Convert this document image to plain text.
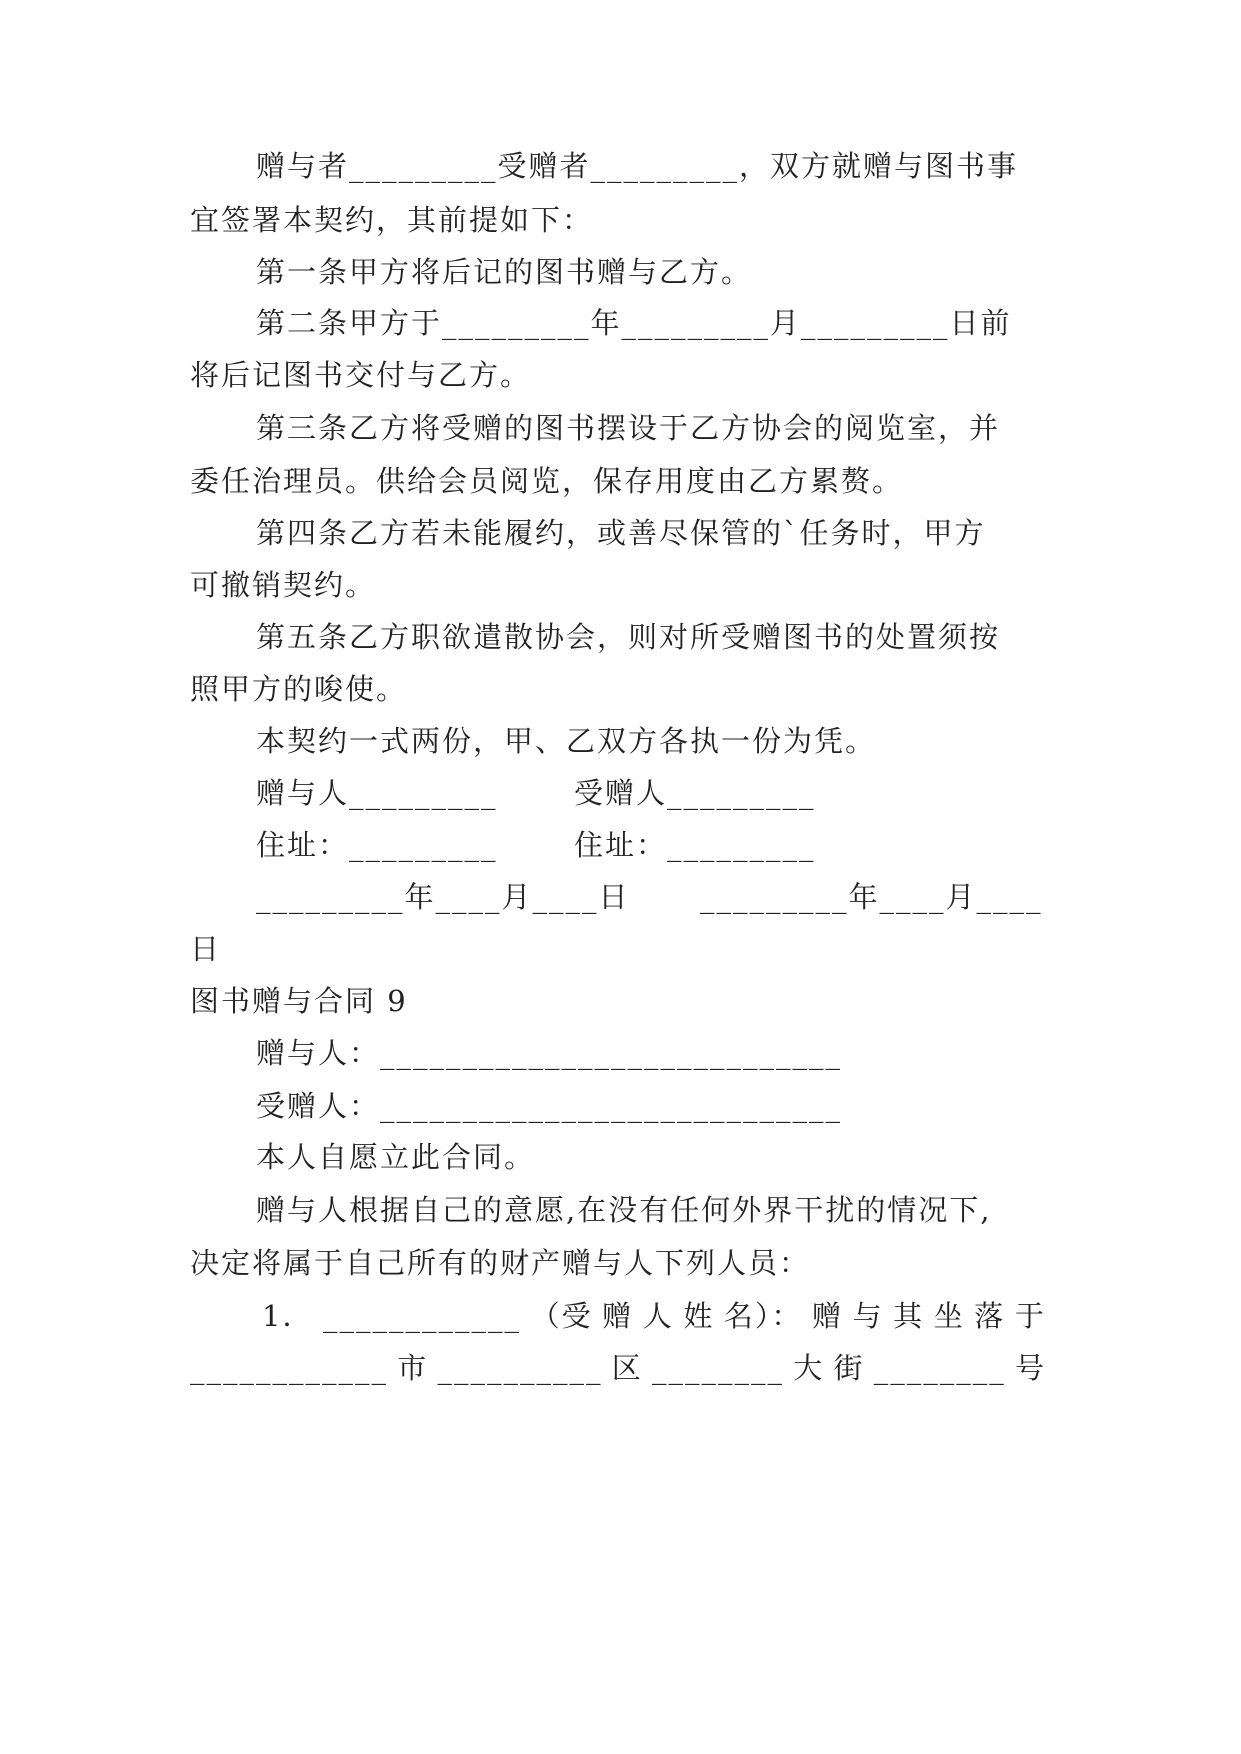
赠与者_________受赠者_________，双方就赠与图书事
宜签署本契约，其前提如下：
第一条甲方将后记的图书赠与乙方。
第二条甲方于_________年_________月_________日前
将后记图书交付与乙方。
第三条乙方将受赠的图书摆设于乙方协会的阅览室，并
委任治理员。供给会员阅览，保存用度由乙方累赘。
第四条乙方若未能履约，或善尽保管的`任务时，甲方
可撤销契约。
第五条乙方职欲遣散协会，则对所受赠图书的处置须按
照甲方的唆使。
本契约一式两份，甲、乙双方各执一份为凭。
赠与人_________	受赠人_________
住址：_________	住址：_________
_________年____月____日 _________年____月____
日
图书赠与合同 9
赠与人：____________________________
受赠人：____________________________
本人自愿立此合同。
赠与人根据自己的意愿,在没有任何外界干扰的情况下,
决定将属于自己所有的财产赠与人下列人员：
1． ____________ （受 赠 人 姓 名）： 赠 与 其 坐 落 于
____________ 市 __________ 区 ________ 大 街 ________ 号
